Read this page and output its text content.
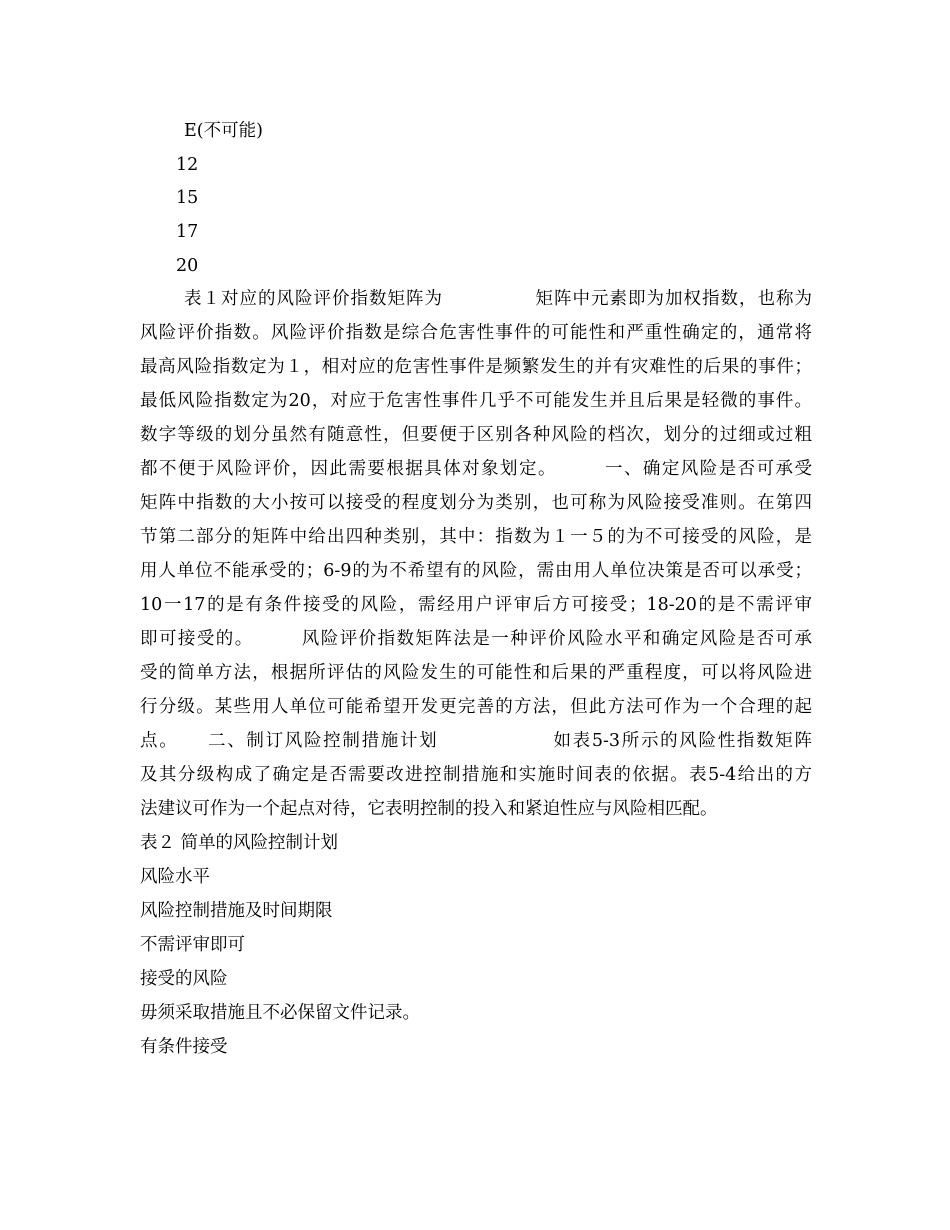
E(不可能)
12
15
17
20
表１对应的风险评价指数矩阵为　　　　　矩阵中元素即为加权指数，也称为
风险评价指数。风险评价指数是综合危害性事件的可能性和严重性确定的，通常将
最高风险指数定为１，相对应的危害性事件是频繁发生的并有灾难性的后果的事件；
最低风险指数定为20，对应于危害性事件几乎不可能发生并且后果是轻微的事件。
数字等级的划分虽然有随意性，但要便于区别各种风险的档次，划分的过细或过粗
都不便于风险评价，因此需要根据具体对象划定。　　　一、确定风险是否可承受
矩阵中指数的大小按可以接受的程度划分为类别，也可称为风险接受准则。在第四
节第二部分的矩阵中给出四种类别，其中：指数为１一５的为不可接受的风险，是
用人单位不能承受的；6-9的为不希望有的风险，需由用人单位决策是否可以承受；
10一17的是有条件接受的风险，需经用户评审后方可接受；18-20的是不需评审
即可接受的。　　　风险评价指数矩阵法是一种评价风险水平和确定风险是否可承
受的简单方法，根据所评估的风险发生的可能性和后果的严重程度，可以将风险进
行分级。某些用人单位可能希望开发更完善的方法，但此方法可作为一个合理的起
点。　　二、制订风险控制措施计划　　　　　　如表5-3所示的风险性指数矩阵
及其分级构成了确定是否需要改进控制措施和实施时间表的依据。表5-4给出的方
法建议可作为一个起点对待，它表明控制的投入和紧迫性应与风险相匹配。
表２ 简单的风险控制计划
风险水平
风险控制措施及时间期限
不需评审即可
接受的风险
毋须采取措施且不必保留文件记录。
有条件接受
